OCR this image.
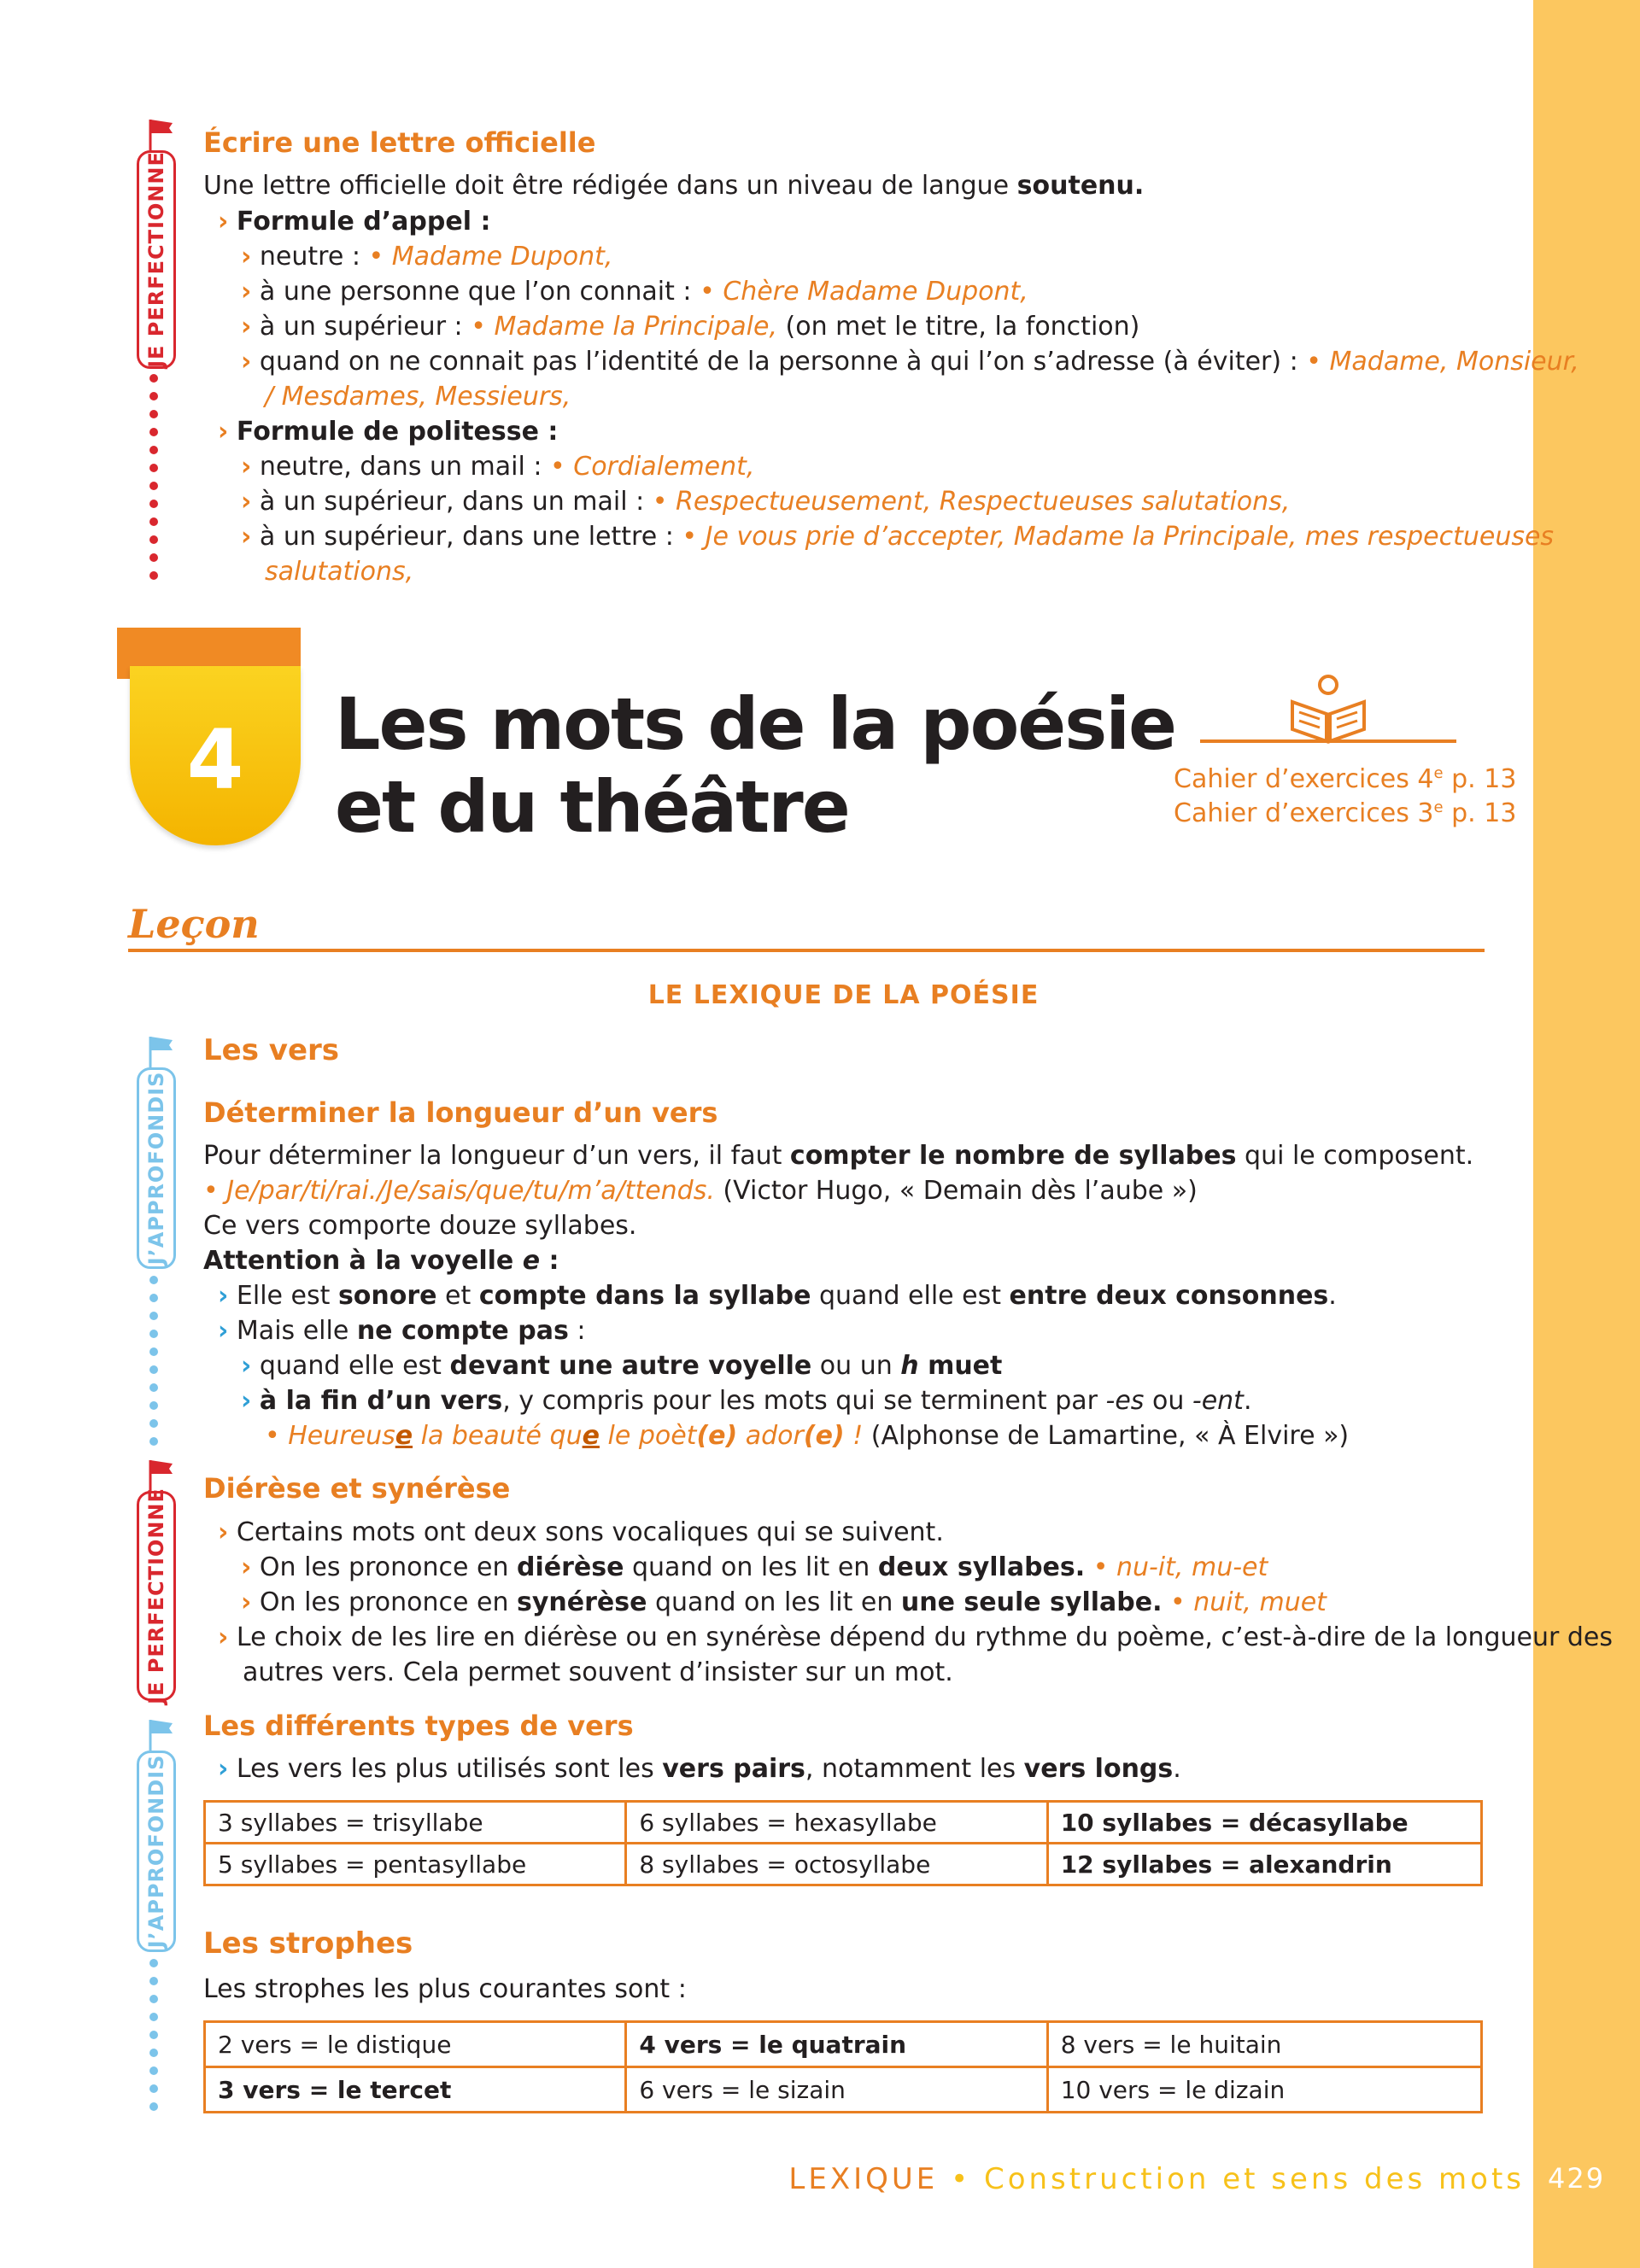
JE PERFECTIONNE
Écrire une lettre officielle
Une lettre officielle doit être rédigée dans un niveau de langue soutenu.
› Formule d’appel :
› neutre : • Madame Dupont,
› à une personne que l’on connait : • Chère Madame Dupont,
› à un supérieur : • Madame la Principale, (on met le titre, la fonction)
› quand on ne connait pas l’identité de la personne à qui l’on s’adresse (à éviter) : • Madame, Monsieur,
/ Mesdames, Messieurs,
› Formule de politesse :
› neutre, dans un mail : • Cordialement,
› à un supérieur, dans un mail : • Respectueusement, Respectueuses salutations,
› à un supérieur, dans une lettre : • Je vous prie d’accepter, Madame la Principale, mes respectueuses
salutations,
4	Les mots de la poésie
et du théâtre	Cahier d’exercices 4e p. 13
Cahier d’exercices 3e p. 13
Leçon
LE LEXIQUE DE LA POÉSIE
J’APPROFONDIS
JE PERFECTIONNE
J’APPROFONDIS
Les vers
Déterminer la longueur d’un vers
Pour déterminer la longueur d’un vers, il faut compter le nombre de syllabes qui le composent.
• Je/par/ti/rai./Je/sais/que/tu/m’a/ttends. (Victor Hugo, « Demain dès l’aube »)
Ce vers comporte douze syllabes.
Attention à la voyelle e :
› Elle est sonore et compte dans la syllabe quand elle est entre deux consonnes.
› Mais elle ne compte pas :
› quand elle est devant une autre voyelle ou un h muet
› à la fin d’un vers, y compris pour les mots qui se terminent par -es ou -ent.
• Heureuse la beauté que le poèt(e) ador(e) ! (Alphonse de Lamartine, « À Elvire »)
Diérèse et synérèse
› Certains mots ont deux sons vocaliques qui se suivent.
› On les prononce en diérèse quand on les lit en deux syllabes. • nu-it, mu-et
› On les prononce en synérèse quand on les lit en une seule syllabe. • nuit, muet
› Le choix de les lire en diérèse ou en synérèse dépend du rythme du poème, c’est-à-dire de la longueur des
autres vers. Cela permet souvent d’insister sur un mot.
Les différents types de vers
› Les vers les plus utilisés sont les vers pairs, notamment les vers longs.
3 syllabes = trisyllabe	6 syllabes = hexasyllabe	10 syllabes = décasyllabe
5 syllabes = pentasyllabe	8 syllabes = octosyllabe	12 syllabes = alexandrin
Les strophes
Les strophes les plus courantes sont :
2 vers = le distique	4 vers = le quatrain	8 vers = le huitain
3 vers = le tercet	6 vers = le sizain	10 vers = le dizain
LEXIQUE • Construction et sens des mots 429
